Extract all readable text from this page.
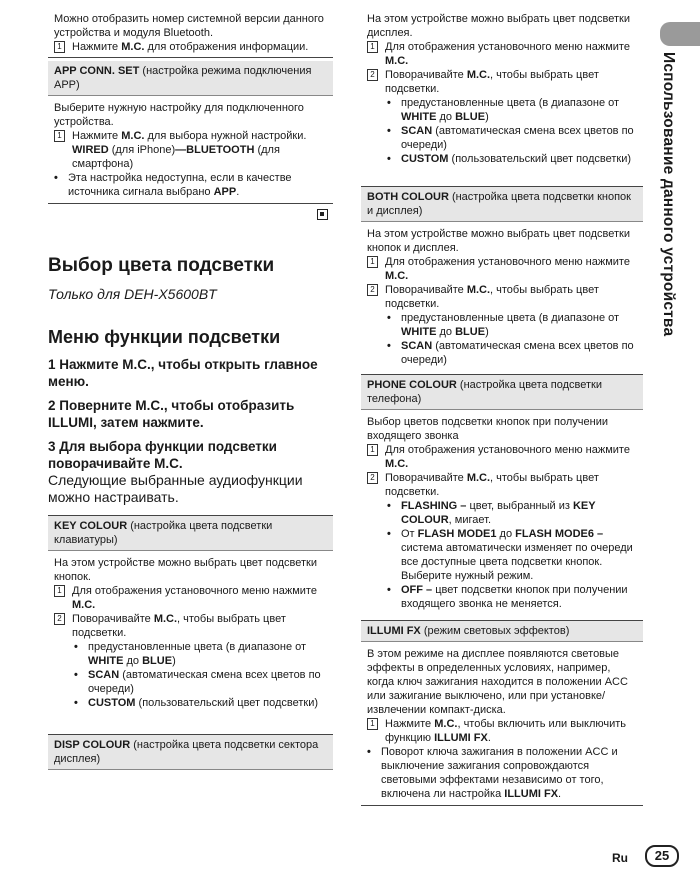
Можно отобразить номер системной версии данного устройства и модуля Bluetooth.

1 Нажмите M.C. для отображения информации.

APP CONN. SET (настройка режима подключения APP)

Выберите нужную настройку для подключенного устройства.

1 Нажмите M.C. для выбора нужной настройки.
WIRED (для iPhone)—BLUETOOTH (для смартфона)

• Эта настройка недоступна, если в качестве источника сигнала выбрано APP.

Выбор цвета подсветки
Только для DEH-X5600BT
Меню функции подсветки
1 Нажмите M.C., чтобы открыть главное меню.
2 Поверните M.C., чтобы отобразить ILLUMI, затем нажмите.
3 Для выбора функции подсветки поворачивайте M.C.
Следующие выбранные аудиофункции можно настраивать.
KEY COLOUR (настройка цвета подсветки клавиатуры)

На этом устройстве можно выбрать цвет подсветки кнопок.

1 Для отображения установочного меню нажмите M.C.

2 Поворачивайте M.C., чтобы выбрать цвет подсветки.

• предустановленные цвета (в диапазоне от WHITE до BLUE)

• SCAN (автоматическая смена всех цветов по очереди)

• CUSTOM (пользовательский цвет подсветки)

DISP COLOUR (настройка цвета подсветки сектора дисплея)

На этом устройстве можно выбрать цвет подсветки дисплея.

1 Для отображения установочного меню нажмите M.C.

2 Поворачивайте M.C., чтобы выбрать цвет подсветки.

• предустановленные цвета (в диапазоне от WHITE до BLUE)

• SCAN (автоматическая смена всех цветов по очереди)

• CUSTOM (пользовательский цвет подсветки)

BOTH COLOUR (настройка цвета подсветки кнопок и дисплея)

На этом устройстве можно выбрать цвет подсветки кнопок и дисплея.

1 Для отображения установочного меню нажмите M.C.

2 Поворачивайте M.C., чтобы выбрать цвет подсветки.

• предустановленные цвета (в диапазоне от WHITE до BLUE)

• SCAN (автоматическая смена всех цветов по очереди)

PHONE COLOUR (настройка цвета подсветки телефона)

Выбор цветов подсветки кнопок при получении входящего звонка

1 Для отображения установочного меню нажмите M.C.

2 Поворачивайте M.C., чтобы выбрать цвет подсветки.

• FLASHING – цвет, выбранный из KEY COLOUR, мигает.

• От FLASH MODE1 до FLASH MODE6 – система автоматически изменяет по очереди все доступные цвета подсветки кнопок. Выберите нужный режим.

• OFF – цвет подсветки кнопок при получении входящего звонка не меняется.

ILLUMI FX (режим световых эффектов)

В этом режиме на дисплее появляются световые эффекты в определенных условиях, например, когда ключ зажигания находится в положении ACC или зажигание выключено, или при установке/извлечении компакт-диска.

1 Нажмите M.C., чтобы включить или выключить функцию ILLUMI FX.

• Поворот ключа зажигания в положении ACC и выключение зажигания сопровождаются световыми эффектами независимо от того, включена ли настройка ILLUMI FX.

Использование данного устройства
Ru	25
